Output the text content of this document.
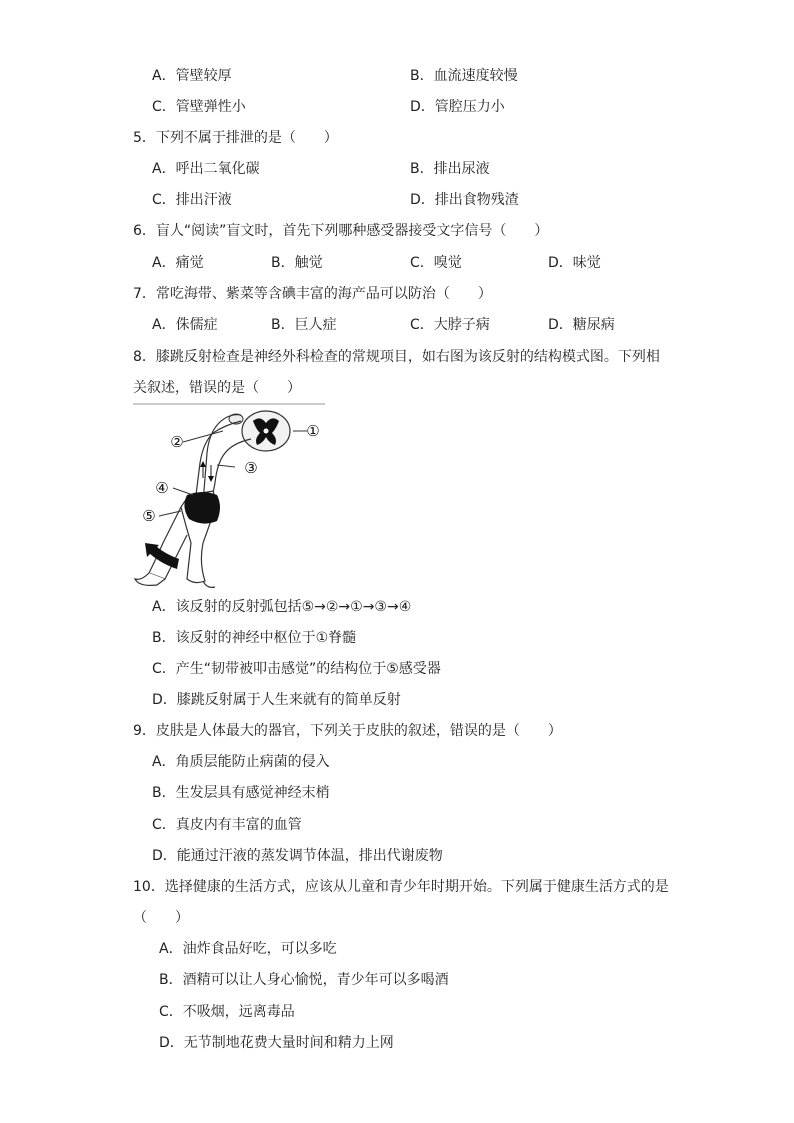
A．管壁较厚	B．血流速度较慢
C．管壁弹性小	D．管腔压力小
5．下列不属于排泄的是（　　）
A．呼出二氧化碳	B．排出尿液
C．排出汗液	D．排出食物残渣
6．盲人“阅读”盲文时，首先下列哪种感受器接受文字信号（　　）
A．痛觉	B．触觉	C．嗅觉	D．味觉
7．常吃海带、紫菜等含碘丰富的海产品可以防治（　　）
A．侏儒症	B．巨人症	C．大脖子病	D．糖尿病
8．膝跳反射检查是神经外科检查的常规项目，如右图为该反射的结构模式图。下列相
关叙述，错误的是（　　）
①
②
③
④
⑤
A．该反射的反射弧包括⑤→②→①→③→④
B．该反射的神经中枢位于①脊髓
C．产生“韧带被叩击感觉”的结构位于⑤感受器
D．膝跳反射属于人生来就有的简单反射
9．皮肤是人体最大的器官，下列关于皮肤的叙述，错误的是（　　）
A．角质层能防止病菌的侵入
B．生发层具有感觉神经末梢
C．真皮内有丰富的血管
D．能通过汗液的蒸发调节体温，排出代谢废物
10．选择健康的生活方式，应该从儿童和青少年时期开始。下列属于健康生活方式的是
（　　）
A．油炸食品好吃，可以多吃
B．酒精可以让人身心愉悦，青少年可以多喝酒
C．不吸烟，远离毒品
D．无节制地花费大量时间和精力上网
